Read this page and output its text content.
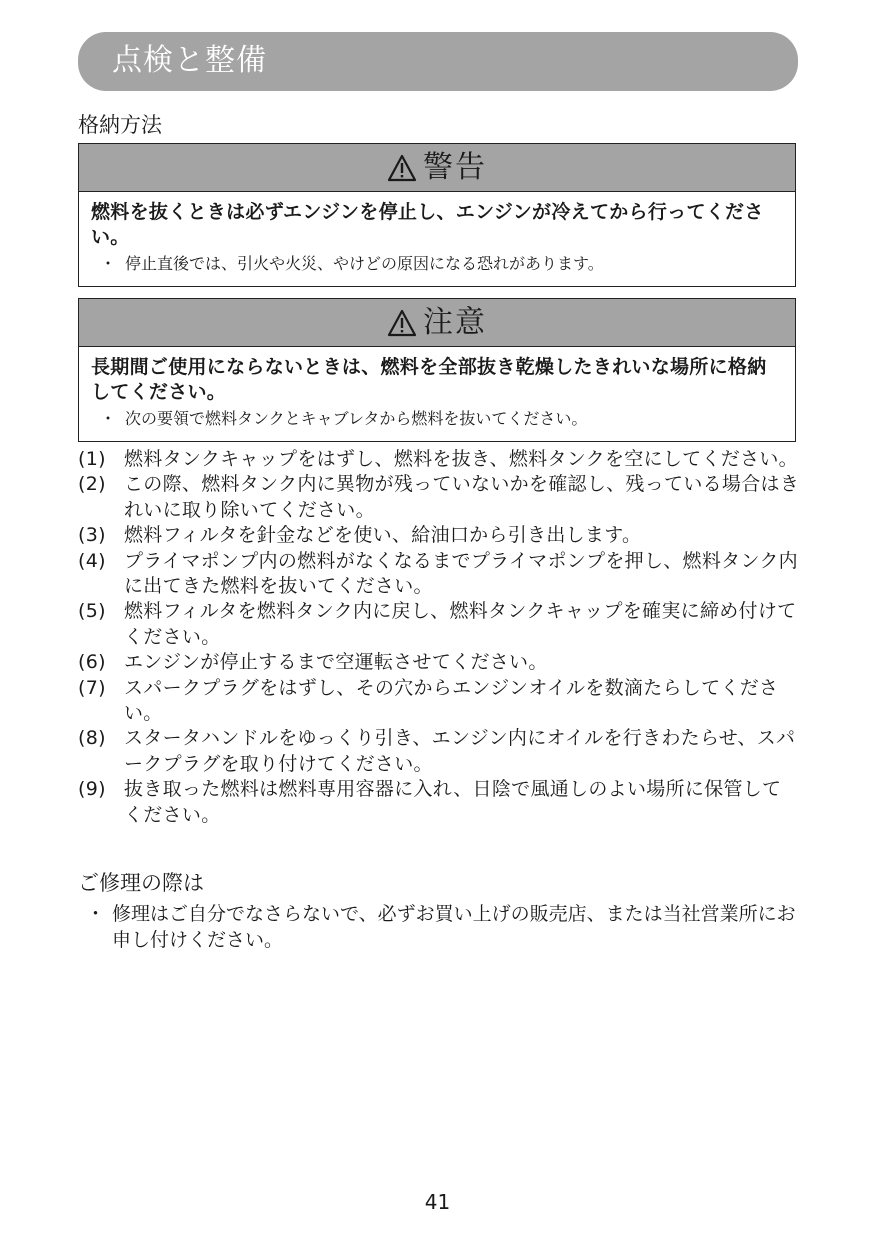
点検と整備
格納方法
警告
燃料を抜くときは必ずエンジンを停止し、エンジンが冷えてから行ってください。
・ 停止直後では、引火や火災、やけどの原因になる恐れがあります。
注意
長期間ご使用にならないときは、燃料を全部抜き乾燥したきれいな場所に格納してください。
・ 次の要領で燃料タンクとキャブレタから燃料を抜いてください。
(1) 燃料タンクキャップをはずし、燃料を抜き、燃料タンクを空にしてください。
(2) この際、燃料タンク内に異物が残っていないかを確認し、残っている場合はきれいに取り除いてください。
(3) 燃料フィルタを針金などを使い、給油口から引き出します。
(4) プライマポンプ内の燃料がなくなるまでプライマポンプを押し、燃料タンク内に出てきた燃料を抜いてください。
(5) 燃料フィルタを燃料タンク内に戻し、燃料タンクキャップを確実に締め付けてください。
(6) エンジンが停止するまで空運転させてください。
(7) スパークプラグをはずし、その穴からエンジンオイルを数滴たらしてください。
(8) スタータハンドルをゆっくり引き、エンジン内にオイルを行きわたらせ、スパークプラグを取り付けてください。
(9) 抜き取った燃料は燃料専用容器に入れ、日陰で風通しのよい場所に保管してください。
ご修理の際は
・ 修理はご自分でなさらないで、必ずお買い上げの販売店、または当社営業所にお申し付けください。
41
